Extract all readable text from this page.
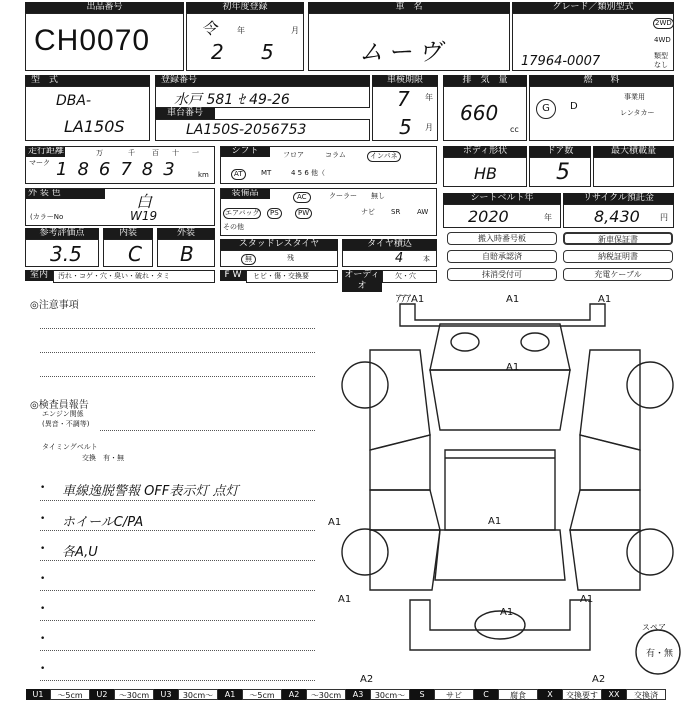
出品番号
CH0070
初年度登録
令 年	月
2 5
車　名
ムーヴ
グレード／類別型式
17964-0007
2WD
4WD
類型なし
型　式
DBA-
LA150S
登録番号
水戸 581 ｾ 49-26
車台番号
LA150S-2056753
車検期限
7 年
5 月
排　気　量
660
cc
燃　　料
G	D
事業用
レンタカー
走行距離
マーク
万	千 百 十 一
186783 km
シフト	フロア	コラム	インパネ
AT	MT	4 5 6 他（
ボディ形状
HB
ドア数
5
最大積載量
外 装 色	白
(カラーNo	W19
装備品	AC	クーラー 無し
エアバッグ	PS	PW	ナビ SR AW
その他
シートベルト年
2020	年
リサイクル預託金
8,430	円
参考評価点
3.5
内装
C
外装
B	スタッドレスタイヤ
無	残
タイヤ積込
4	本
搬入時番号板	新車保証書
自賠承認済	納税証明書
抹消受付可	充電ケーブル
室内	汚れ・コゲ・穴・臭い・破れ・タミ	F W	ヒビ・傷・交換要	オーディオ
欠・穴
◎注意事項
◎検査員報告
エンジン関係
(異音・不調等)
タイミングベルト
交換　有・無
• 車線逸脱警報 OFF表示灯 点灯
• ホイールC/PA
• 各A,U
•
•
•
•
ｱｱｱA1	A1	A1
A1
A1
A1
A1
A1
A1
A2	A2
スペア
有・無
U1	～5cm	U2	～30cm	U3	30cm～	A1	～5cm	A2	～30cm	A3	30cm～	S	サビ	C	腐食	X	交換要す	XX	交換済
